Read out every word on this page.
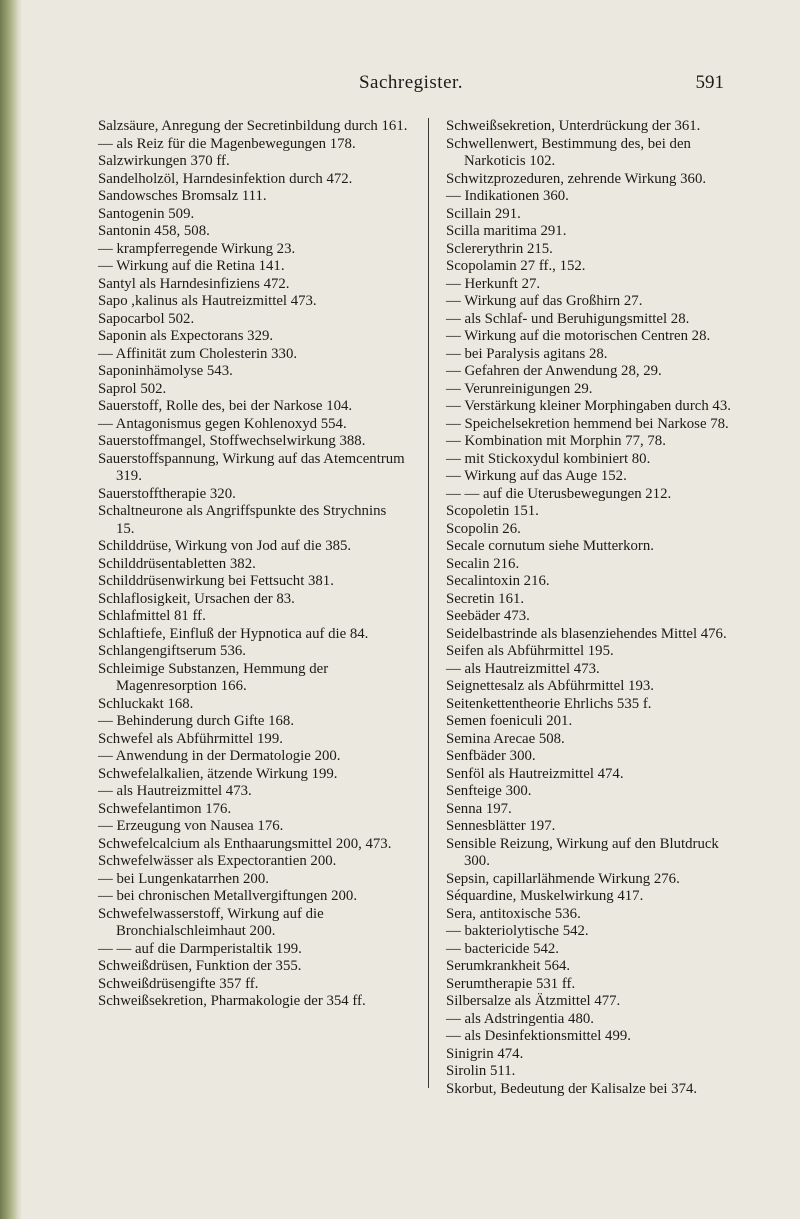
Sachregister.	591

Salzsäure, Anregung der Secretinbildung durch 161.

— als Reiz für die Magenbewegungen 178.

Salzwirkungen 370 ff.

Sandelholzöl, Harndesinfektion durch 472.

Sandowsches Bromsalz 111.

Santogenin 509.

Santonin 458, 508.

— krampferregende Wirkung 23.

— Wirkung auf die Retina 141.

Santyl als Harndesinfiziens 472.

Sapo ,kalinus als Hautreizmittel 473.

Sapocarbol 502.

Saponin als Expectorans 329.

— Affinität zum Cholesterin 330.

Saponinhämolyse 543.

Saprol 502.

Sauerstoff, Rolle des, bei der Narkose 104.

— Antagonismus gegen Kohlenoxyd 554.

Sauerstoffmangel, Stoffwechselwirkung 388.

Sauerstoffspannung, Wirkung auf das Atemcentrum 319.

Sauerstofftherapie 320.

Schaltneurone als Angriffspunkte des Strychnins 15.

Schilddrüse, Wirkung von Jod auf die 385.

Schilddrüsentabletten 382.

Schilddrüsenwirkung bei Fettsucht 381.

Schlaflosigkeit, Ursachen der 83.

Schlafmittel 81 ff.

Schlaftiefe, Einfluß der Hypnotica auf die 84.

Schlangengiftserum 536.

Schleimige Substanzen, Hemmung der Magenresorption 166.

Schluckakt 168.

— Behinderung durch Gifte 168.

Schwefel als Abführmittel 199.

— Anwendung in der Dermatologie 200.

Schwefelalkalien, ätzende Wirkung 199.

— als Hautreizmittel 473.

Schwefelantimon 176.

— Erzeugung von Nausea 176.

Schwefelcalcium als Enthaarungsmittel 200, 473.

Schwefelwässer als Expectorantien 200.

— bei Lungenkatarrhen 200.

— bei chronischen Metallvergiftungen 200.

Schwefelwasserstoff, Wirkung auf die Bronchialschleimhaut 200.

— — auf die Darmperistaltik 199.

Schweißdrüsen, Funktion der 355.

Schweißdrüsengifte 357 ff.

Schweißsekretion, Pharmakologie der 354 ff.

Schweißsekretion, Unterdrückung der 361.

Schwellenwert, Bestimmung des, bei den Narkoticis 102.

Schwitzprozeduren, zehrende Wirkung 360.

— Indikationen 360.

Scillain 291.

Scilla maritima 291.

Sclererythrin 215.

Scopolamin 27 ff., 152.

— Herkunft 27.

— Wirkung auf das Großhirn 27.

— als Schlaf- und Beruhigungsmittel 28.

— Wirkung auf die motorischen Centren 28.

— bei Paralysis agitans 28.

— Gefahren der Anwendung 28, 29.

— Verunreinigungen 29.

— Verstärkung kleiner Morphingaben durch 43.

— Speichelsekretion hemmend bei Narkose 78.

— Kombination mit Morphin 77, 78.

— mit Stickoxydul kombiniert 80.

— Wirkung auf das Auge 152.

— — auf die Uterusbewegungen 212.

Scopoletin 151.

Scopolin 26.

Secale cornutum siehe Mutterkorn.

Secalin 216.

Secalintoxin 216.

Secretin 161.

Seebäder 473.

Seidelbastrinde als blasenziehendes Mittel 476.

Seifen als Abführmittel 195.

— als Hautreizmittel 473.

Seignettesalz als Abführmittel 193.

Seitenkettentheorie Ehrlichs 535 f.

Semen foeniculi 201.

Semina Arecae 508.

Senfbäder 300.

Senföl als Hautreizmittel 474.

Senfteige 300.

Senna 197.

Sennesblätter 197.

Sensible Reizung, Wirkung auf den Blutdruck 300.

Sepsin, capillarlähmende Wirkung 276.

Séquardine, Muskelwirkung 417.

Sera, antitoxische 536.

— bakteriolytische 542.

— bactericide 542.

Serumkrankheit 564.

Serumtherapie 531 ff.

Silbersalze als Ätzmittel 477.

— als Adstringentia 480.

— als Desinfektionsmittel 499.

Sinigrin 474.

Sirolin 511.

Skorbut, Bedeutung der Kalisalze bei 374.
